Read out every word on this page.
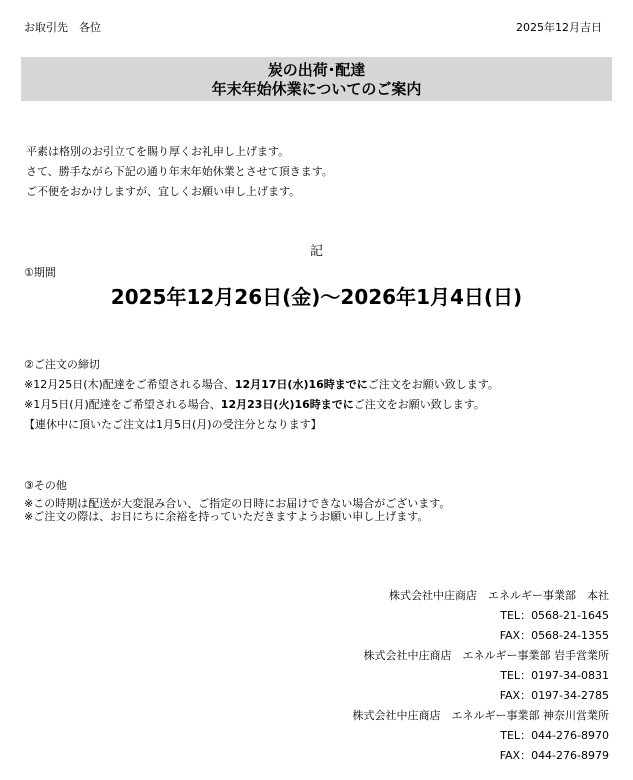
お取引先　各位	2025年12月吉日
炭の出荷･配達
年末年始休業についてのご案内
平素は格別のお引立てを賜り厚くお礼申し上げます。
さて、勝手ながら下記の通り年末年始休業とさせて頂きます。
ご不便をおかけしますが、宜しくお願い申し上げます。
記
①期間
2025年12月26日(金)～2026年1月4日(日)
②ご注文の締切
※12月25日(木)配達をご希望される場合、12月17日(水)16時までにご注文をお願い致します。
※1月5日(月)配達をご希望される場合、12月23日(火)16時までにご注文をお願い致します。
【連休中に頂いたご注文は1月5日(月)の受注分となります】
③その他
※この時期は配送が大変混み合い、ご指定の日時にお届けできない場合がございます。
※ご注文の際は、お日にちに余裕を持っていただきますようお願い申し上げます。
株式会社中庄商店　エネルギー事業部　本社
TEL：0568-21-1645
FAX：0568-24-1355
株式会社中庄商店　エネルギー事業部 岩手営業所
TEL：0197-34-0831
FAX：0197-34-2785
株式会社中庄商店　エネルギー事業部 神奈川営業所
TEL：044-276-8970
FAX：044-276-8979
